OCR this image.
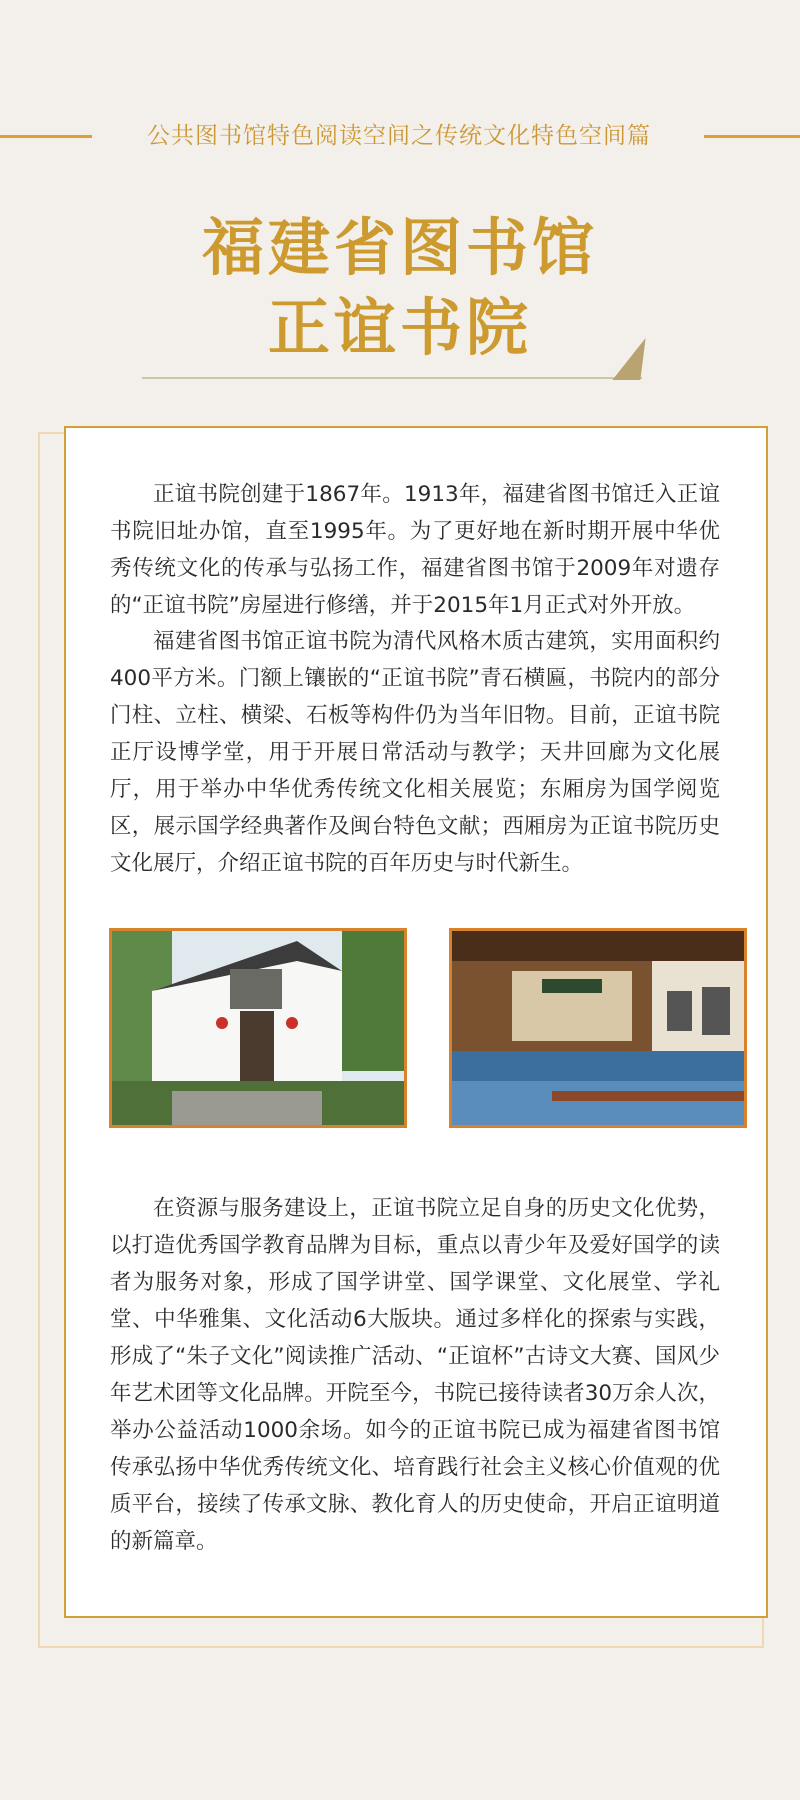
公共图书馆特色阅读空间之传统文化特色空间篇
福建省图书馆
正谊书院

正谊书院创建于1867年。1913年，福建省图书馆迁入正谊书院旧址办馆，直至1995年。为了更好地在新时期开展中华优秀传统文化的传承与弘扬工作，福建省图书馆于2009年对遗存的“正谊书院”房屋进行修缮，并于2015年1月正式对外开放。

福建省图书馆正谊书院为清代风格木质古建筑，实用面积约400平方米。门额上镶嵌的“正谊书院”青石横匾，书院内的部分门柱、立柱、横梁、石板等构件仍为当年旧物。目前，正谊书院正厅设博学堂，用于开展日常活动与教学；天井回廊为文化展厅，用于举办中华优秀传统文化相关展览；东厢房为国学阅览区，展示国学经典著作及闽台特色文献；西厢房为正谊书院历史文化展厅，介绍正谊书院的百年历史与时代新生。

在资源与服务建设上，正谊书院立足自身的历史文化优势，以打造优秀国学教育品牌为目标，重点以青少年及爱好国学的读者为服务对象，形成了国学讲堂、国学课堂、文化展堂、学礼堂、中华雅集、文化活动6大版块。通过多样化的探索与实践，形成了“朱子文化”阅读推广活动、“正谊杯”古诗文大赛、国风少年艺术团等文化品牌。开院至今，书院已接待读者30万余人次，举办公益活动1000余场。如今的正谊书院已成为福建省图书馆传承弘扬中华优秀传统文化、培育践行社会主义核心价值观的优质平台，接续了传承文脉、教化育人的历史使命，开启正谊明道的新篇章。
